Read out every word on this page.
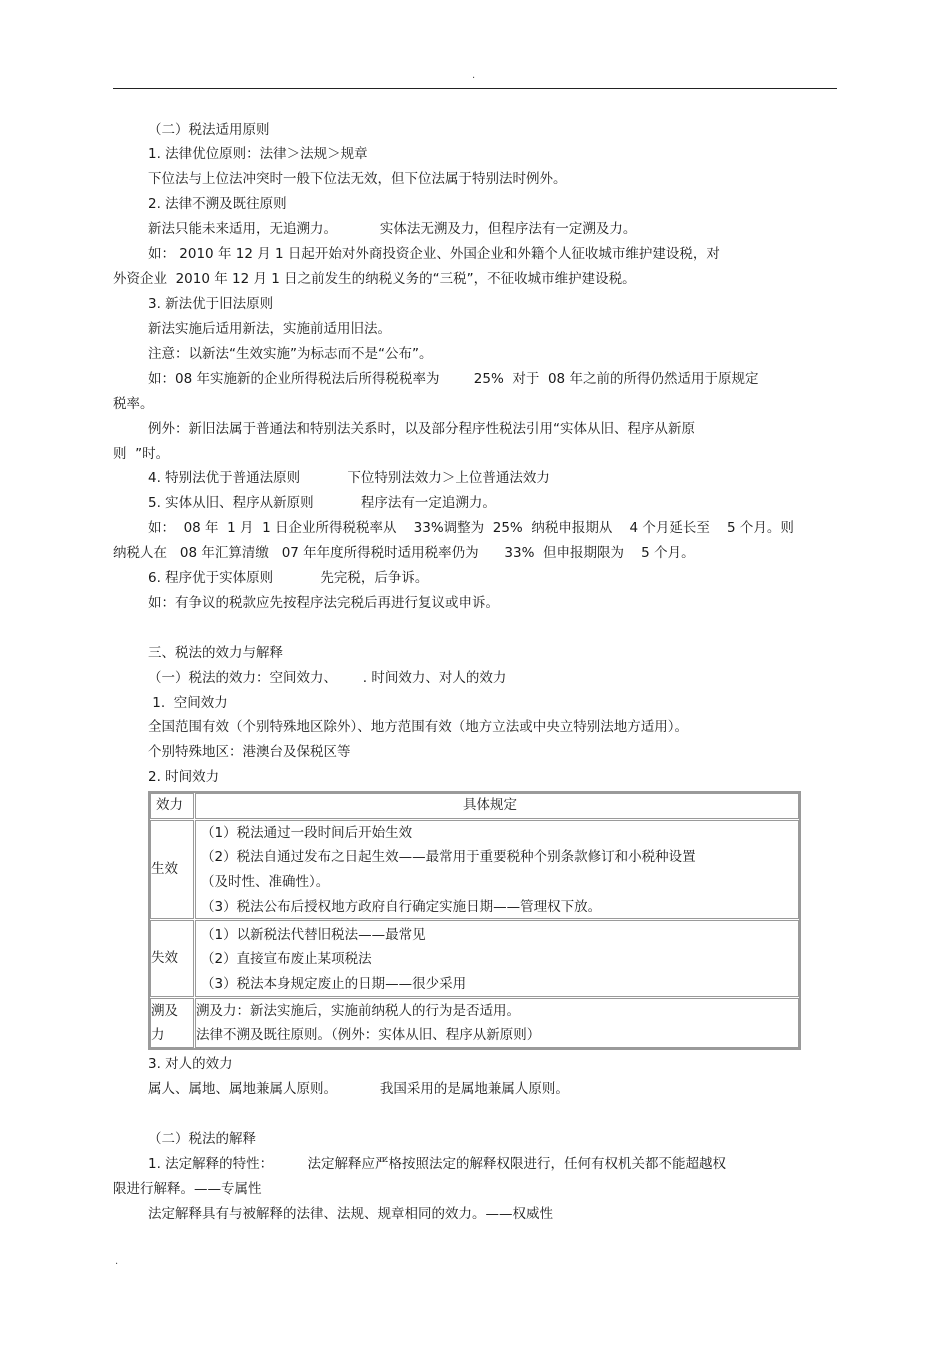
.
（二）税法适用原则
1. 法律优位原则：法律＞法规＞规章
下位法与上位法冲突时一般下位法无效，但下位法属于特别法时例外。
2. 法律不溯及既往原则
新法只能未来适用，无追溯力。          实体法无溯及力，但程序法有一定溯及力。
如： 2010 年 12 月 1 日起开始对外商投资企业、外国企业和外籍个人征收城市维护建设税，对
外资企业  2010 年 12 月 1 日之前发生的纳税义务的“三税”，不征收城市维护建设税。
3. 新法优于旧法原则
新法实施后适用新法，实施前适用旧法。
注意：以新法“生效实施”为标志而不是“公布”。
如：08 年实施新的企业所得税法后所得税税率为        25%  对于  08 年之前的所得仍然适用于原规定
税率。
例外：新旧法属于普通法和特别法关系时，以及部分程序性税法引用“实体从旧、程序从新原
则  ”时。
4. 特别法优于普通法原则           下位特别法效力＞上位普通法效力
5. 实体从旧、程序从新原则           程序法有一定追溯力。
如：  08 年  1 月  1 日企业所得税税率从    33%调整为  25%  纳税申报期从    4 个月延长至    5 个月。则
纳税人在   08 年汇算清缴   07 年年度所得税时适用税率仍为      33%  但申报期限为    5 个月。
6. 程序优于实体原则           先完税，后争诉。
如：有争议的税款应先按程序法完税后再进行复议或申诉。
三、税法的效力与解释
（一）税法的效力：空间效力、      . 时间效力、对人的效力
1.  空间效力
全国范围有效（个别特殊地区除外）、地方范围有效（地方立法或中央立特别法地方适用）。
个别特殊地区：港澳台及保税区等
2. 时间效力
效力	具体规定
生效
（1）税法通过一段时间后开始生效
（2）税法自通过发布之日起生效——最常用于重要税种个别条款修订和小税种设置
（及时性、准确性）。
（3）税法公布后授权地方政府自行确定实施日期——管理权下放。
失效
（1）以新税法代替旧税法——最常见
（2）直接宣布废止某项税法
（3）税法本身规定废止的日期——很少采用
溯及
力
溯及力：新法实施后，实施前纳税人的行为是否适用。
法律不溯及既往原则。（例外：实体从旧、程序从新原则）
3. 对人的效力
属人、属地、属地兼属人原则。          我国采用的是属地兼属人原则。
（二）税法的解释
1. 法定解释的特性：        法定解释应严格按照法定的解释权限进行，任何有权机关都不能超越权
限进行解释。——专属性
法定解释具有与被解释的法律、法规、规章相同的效力。——权威性
.
